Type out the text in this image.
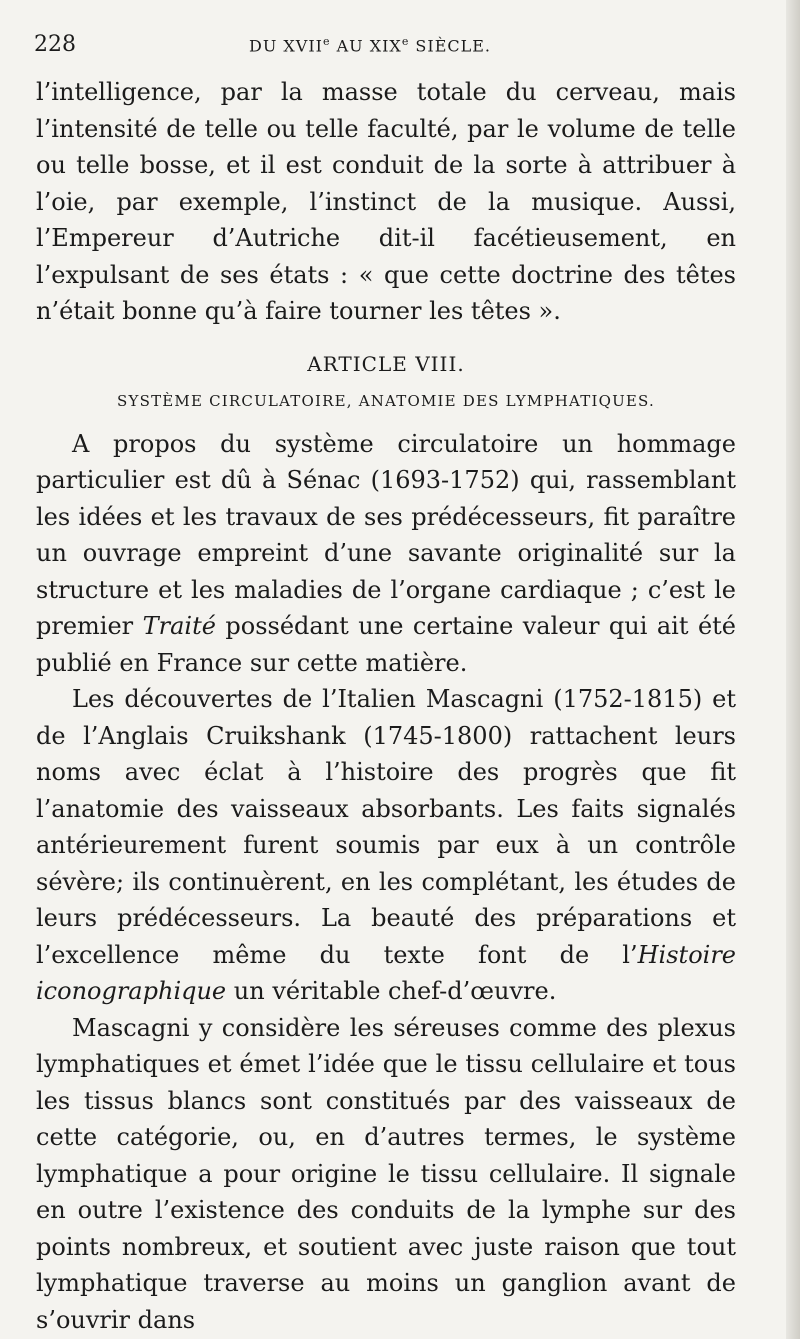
228	DU XVIIe AU XIXe SIÈCLE.

l’intelligence, par la masse totale du cerveau, mais l’intensité de telle ou telle faculté, par le volume de telle ou telle bosse, et il est conduit de la sorte à attribuer à l’oie, par exemple, l’instinct de la musique. Aussi, l’Empereur d’Autriche dit-il facétieusement, en l’expulsant de ses états : « que cette doctrine des têtes n’était bonne qu’à faire tourner les têtes ».

ARTICLE VIII.
SYSTÈME CIRCULATOIRE, ANATOMIE DES LYMPHATIQUES.

A propos du système circulatoire un hommage particulier est dû à Sénac (1693-1752) qui, rassemblant les idées et les travaux de ses prédécesseurs, fit paraître un ouvrage empreint d’une savante originalité sur la structure et les maladies de l’organe cardiaque ; c’est le premier Traité possédant une certaine valeur qui ait été publié en France sur cette matière.

Les découvertes de l’Italien Mascagni (1752-1815) et de l’Anglais Cruikshank (1745-1800) rattachent leurs noms avec éclat à l’histoire des progrès que fit l’anatomie des vaisseaux absorbants. Les faits signalés antérieurement furent soumis par eux à un contrôle sévère; ils continuèrent, en les complétant, les études de leurs prédécesseurs. La beauté des préparations et l’excellence même du texte font de l’Histoire iconographique un véritable chef-d’œuvre.

Mascagni y considère les séreuses comme des plexus lymphatiques et émet l’idée que le tissu cellulaire et tous les tissus blancs sont constitués par des vaisseaux de cette catégorie, ou, en d’autres termes, le système lymphatique a pour origine le tissu cellulaire. Il signale en outre l’existence des conduits de la lymphe sur des points nombreux, et soutient avec juste raison que tout lymphatique traverse au moins un ganglion avant de s’ouvrir dans
